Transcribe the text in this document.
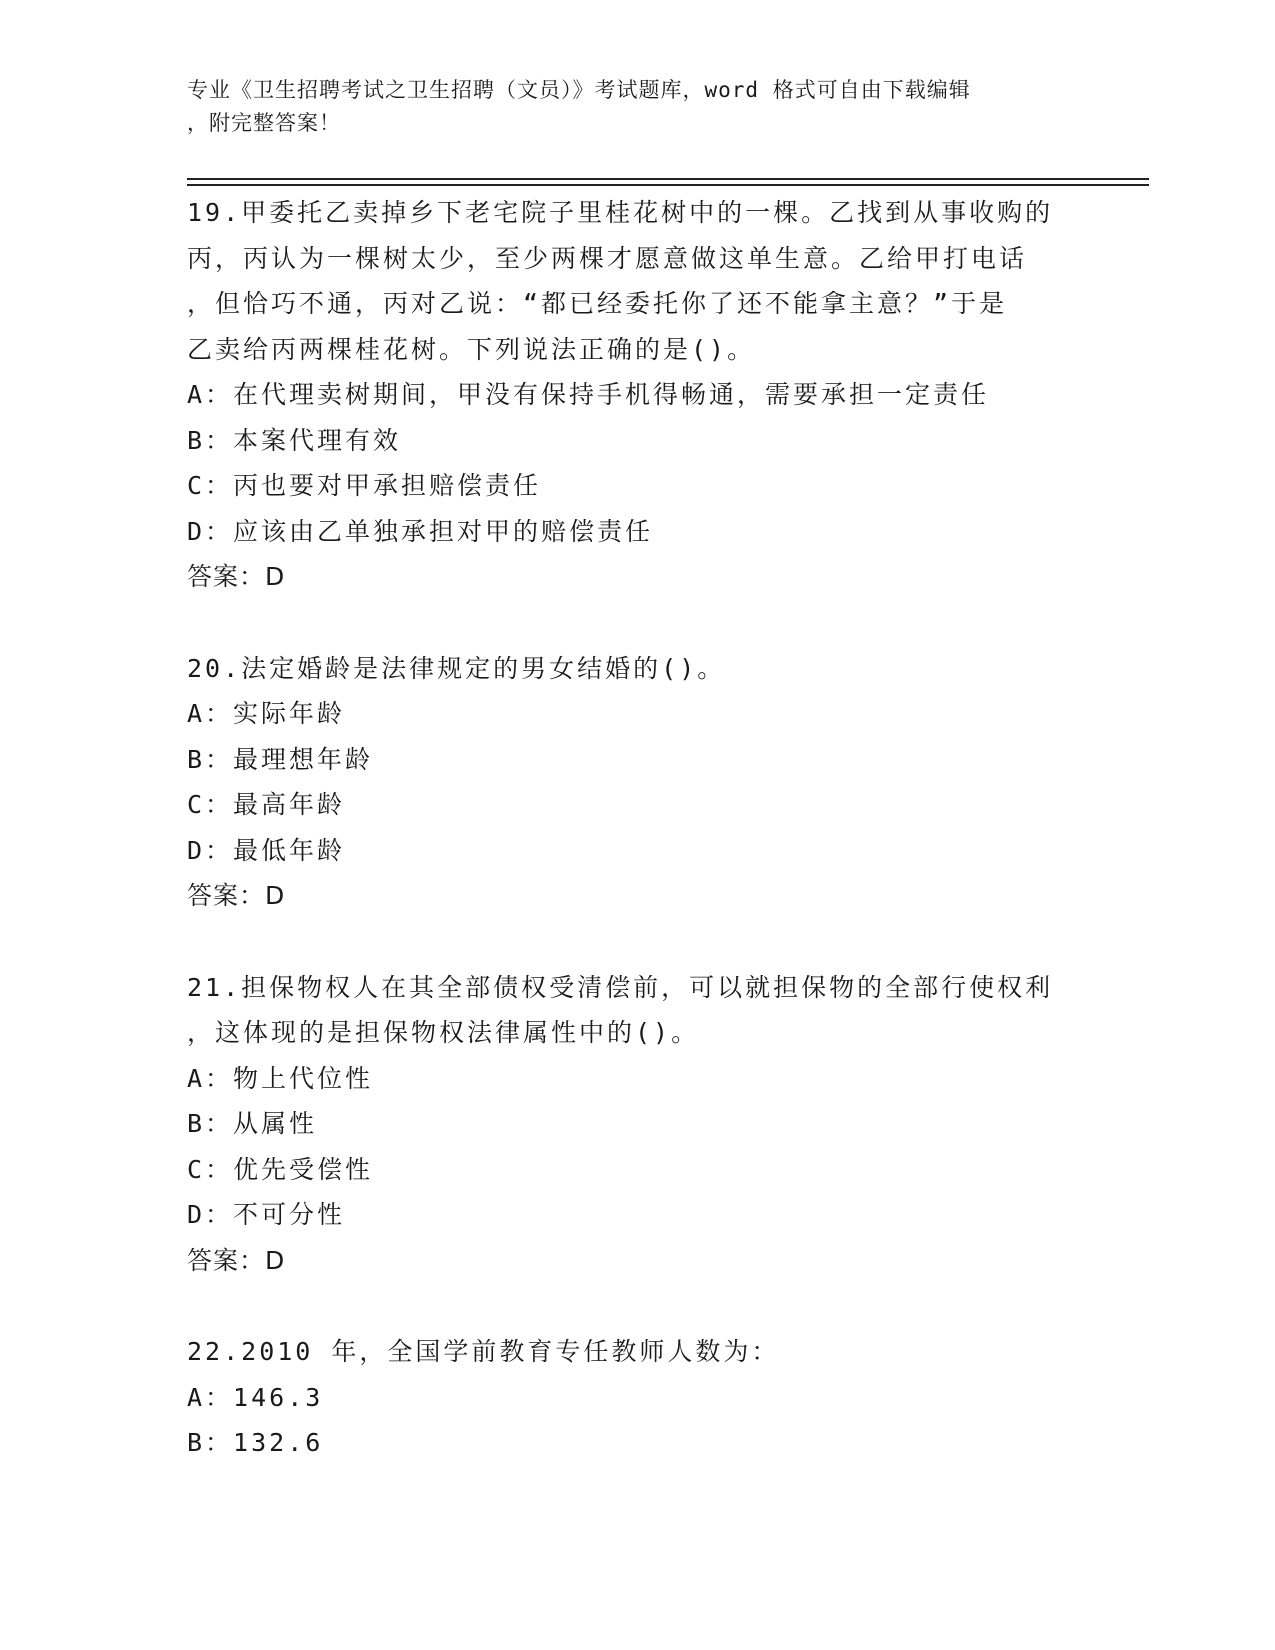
专业《卫生招聘考试之卫生招聘（文员）》考试题库，word 格式可自由下载编辑
，附完整答案！

19.甲委托乙卖掉乡下老宅院子里桂花树中的一棵。乙找到从事收购的

丙，丙认为一棵树太少，至少两棵才愿意做这单生意。乙给甲打电话

，但恰巧不通，丙对乙说：“都已经委托你了还不能拿主意？”于是

乙卖给丙两棵桂花树。下列说法正确的是()。

A：在代理卖树期间，甲没有保持手机得畅通，需要承担一定责任

B：本案代理有效

C：丙也要对甲承担赔偿责任

D：应该由乙单独承担对甲的赔偿责任

答案：D

20.法定婚龄是法律规定的男女结婚的()。

A：实际年龄

B：最理想年龄

C：最高年龄

D：最低年龄

答案：D

21.担保物权人在其全部债权受清偿前，可以就担保物的全部行使权利

，这体现的是担保物权法律属性中的()。

A：物上代位性

B：从属性

C：优先受偿性

D：不可分性

答案：D

22.2010 年，全国学前教育专任教师人数为：

A：146.3

B：132.6
